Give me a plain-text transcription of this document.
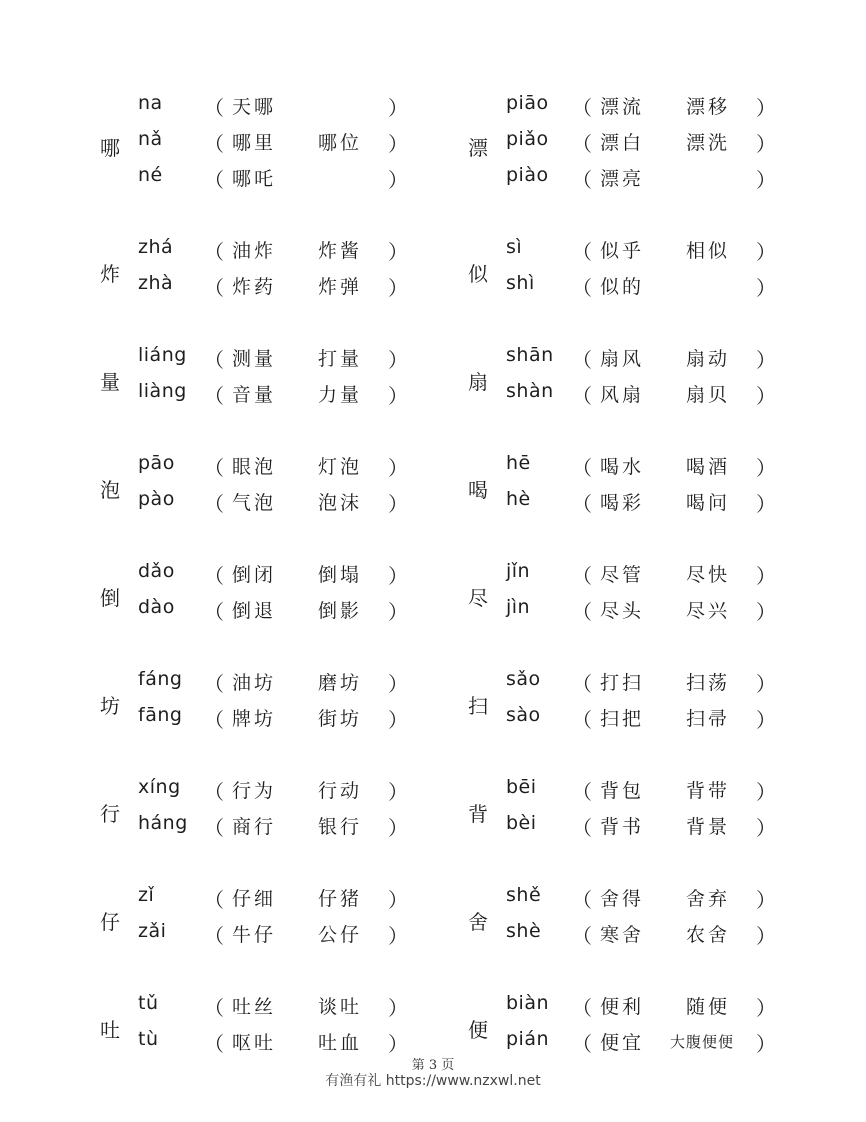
哪
na （ 天哪	）
nǎ （ 哪里 哪位 ）
né （ 哪吒	）
漂
piāo （ 漂流 漂移 ）
piǎo （ 漂白 漂洗 ）
piào （ 漂亮	）
炸
zhá （ 油炸 炸酱 ）
zhà （ 炸药 炸弹 ）
似
sì （ 似乎 相似 ）
shì （ 似的	）
量
liáng （ 测量 打量 ）
liàng （ 音量 力量 ）
扇
shān （ 扇风 扇动 ）
shàn （ 风扇 扇贝 ）
泡
pāo （ 眼泡 灯泡 ）
pào （ 气泡 泡沫 ）
喝
hē （ 喝水 喝酒 ）
hè （ 喝彩 喝问 ）
倒
dǎo （ 倒闭 倒塌 ）
dào （ 倒退 倒影 ）
尽
jǐn （ 尽管 尽快 ）
jìn （ 尽头 尽兴 ）
坊
fáng （ 油坊 磨坊 ）
fāng （ 牌坊 街坊 ）
扫
sǎo （ 打扫 扫荡 ）
sào （ 扫把 扫帚 ）
行
xíng （ 行为 行动 ）
háng （ 商行 银行 ）
背
bēi （ 背包 背带 ）
bèi （ 背书 背景 ）
仔
zǐ （ 仔细 仔猪 ）
zǎi （ 牛仔 公仔 ）
舍
shě （ 舍得 舍弃 ）
shè （ 寒舍 农舍 ）
吐
tǔ （ 吐丝 谈吐 ）
tù （ 呕吐 吐血 ）
便
biàn （ 便利 随便 ）
pián （ 便宜 大腹便便 ）
第 3 页
有渔有礼 https://www.nzxwl.net
